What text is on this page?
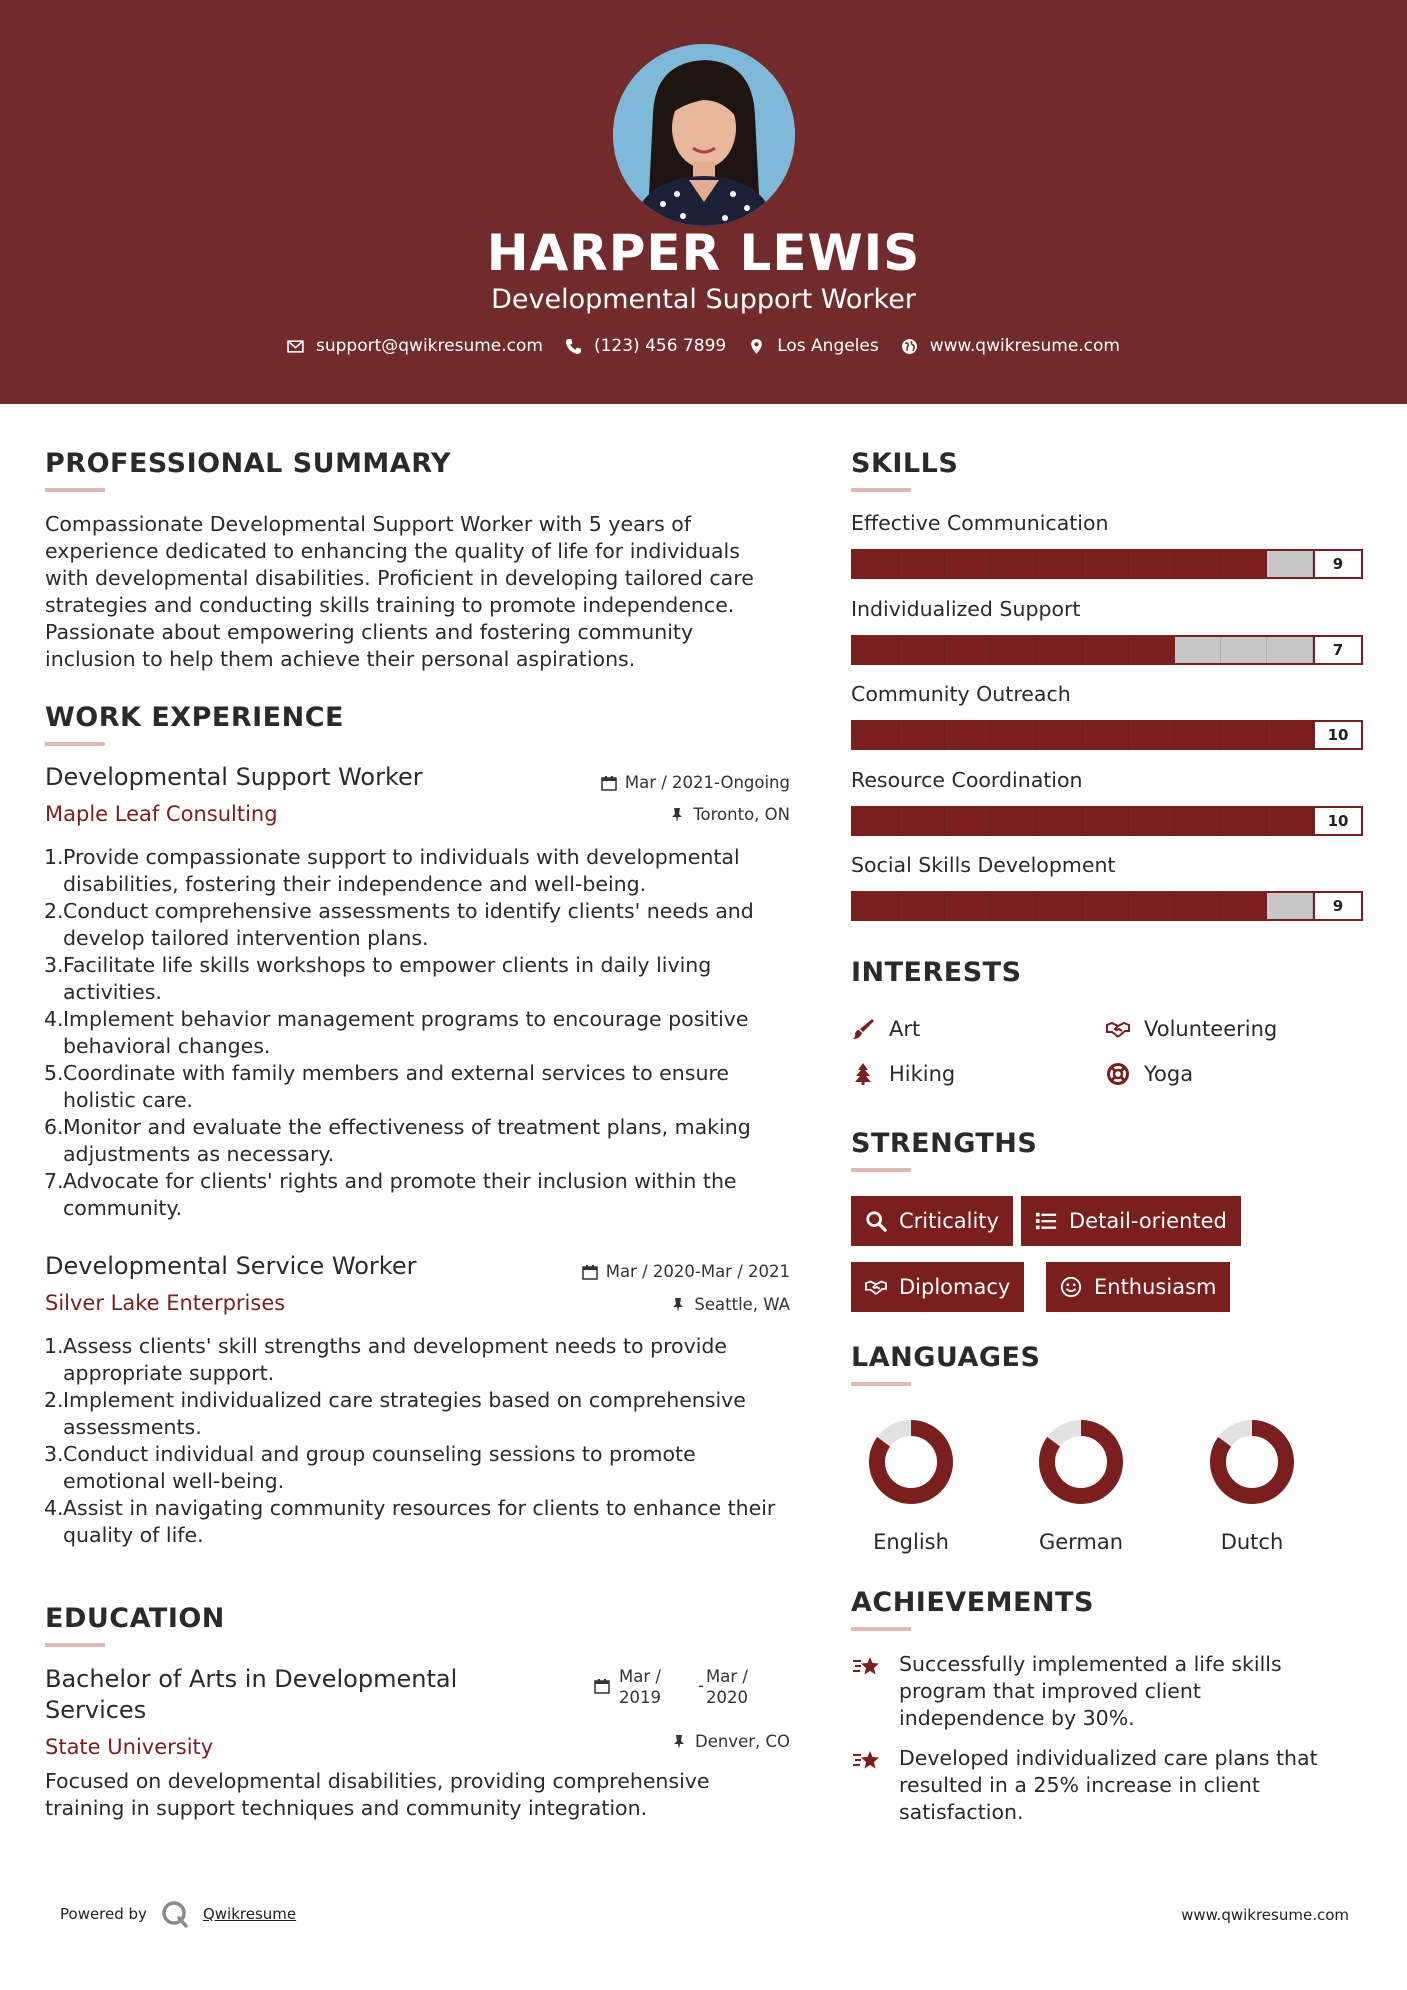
HARPER LEWIS
Developmental Support Worker
support@qwikresume.com	(123) 456 7899	Los Angeles	www.qwikresume.com
PROFESSIONAL SUMMARY
Compassionate Developmental Support Worker with 5 years of
experience dedicated to enhancing the quality of life for individuals
with developmental disabilities. Proficient in developing tailored care
strategies and conducting skills training to promote independence.
Passionate about empowering clients and fostering community
inclusion to help them achieve their personal aspirations.
WORK EXPERIENCE
Developmental Support Worker
Maple Leaf Consulting
Mar / 2021-Ongoing
Toronto, ON
1. Provide compassionate support to individuals with developmental
disabilities, fostering their independence and well-being.
2. Conduct comprehensive assessments to identify clients' needs and
develop tailored intervention plans.
3. Facilitate life skills workshops to empower clients in daily living
activities.
4. Implement behavior management programs to encourage positive
behavioral changes.
5. Coordinate with family members and external services to ensure
holistic care.
6. Monitor and evaluate the effectiveness of treatment plans, making
adjustments as necessary.
7. Advocate for clients' rights and promote their inclusion within the
community.
Developmental Service Worker
Silver Lake Enterprises
Mar / 2020-Mar / 2021
Seattle, WA
1. Assess clients' skill strengths and development needs to provide
appropriate support.
2. Implement individualized care strategies based on comprehensive
assessments.
3. Conduct individual and group counseling sessions to promote
emotional well-being.
4. Assist in navigating community resources for clients to enhance their
quality of life.
EDUCATION
Bachelor of Arts in Developmental
Services
State University
Mar /
2019
- Mar /
2020
Denver, CO
Focused on developmental disabilities, providing comprehensive
training in support techniques and community integration.
SKILLS
Effective Communication
9
Individualized Support
7
Community Outreach
10
Resource Coordination
10
Social Skills Development
9
INTERESTS
Art	Volunteering
Hiking	Yoga
STRENGTHS
Criticality	Detail-oriented
Diplomacy	Enthusiasm
LANGUAGES
English	German	Dutch
ACHIEVEMENTS
Successfully implemented a life skills
program that improved client
independence by 30%.
Developed individualized care plans that
resulted in a 25% increase in client
satisfaction.
Powered by	Qwikresume	www.qwikresume.com
